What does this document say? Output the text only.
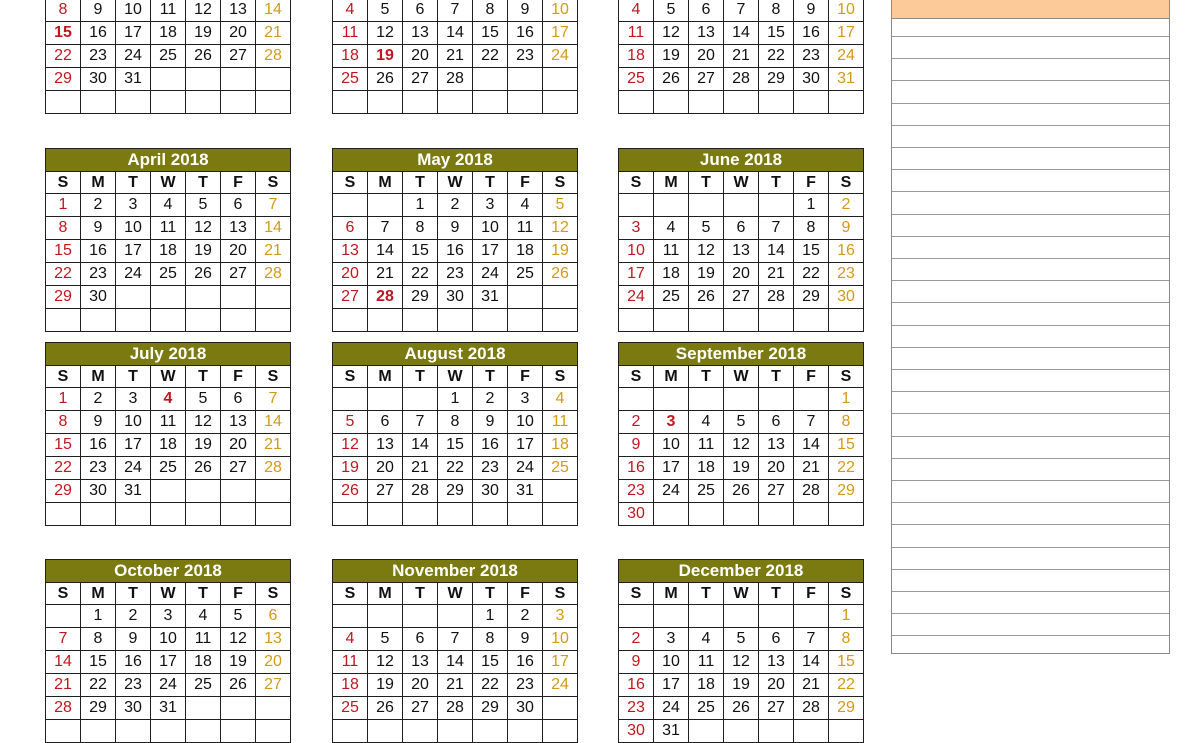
8	9	10	11	12	13	14
15	16	17	18	19	20	21
22	23	24	25	26	27	28
29	30	31				

4	5	6	7	8	9	10
11	12	13	14	15	16	17
18	19	20	21	22	23	24
25	26	27	28			

4	5	6	7	8	9	10
11	12	13	14	15	16	17
18	19	20	21	22	23	24
25	26	27	28	29	30	31

April 2018						
S	M	T	W	T	F	S
1	2	3	4	5	6	7
8	9	10	11	12	13	14
15	16	17	18	19	20	21
22	23	24	25	26	27	28
29	30					

May 2018						
S	M	T	W	T	F	S
		1	2	3	4	5
6	7	8	9	10	11	12
13	14	15	16	17	18	19
20	21	22	23	24	25	26
27	28	29	30	31		

June 2018						
S	M	T	W	T	F	S
					1	2
3	4	5	6	7	8	9
10	11	12	13	14	15	16
17	18	19	20	21	22	23
24	25	26	27	28	29	30

July 2018						
S	M	T	W	T	F	S
1	2	3	4	5	6	7
8	9	10	11	12	13	14
15	16	17	18	19	20	21
22	23	24	25	26	27	28
29	30	31				

August 2018						
S	M	T	W	T	F	S
			1	2	3	4
5	6	7	8	9	10	11
12	13	14	15	16	17	18
19	20	21	22	23	24	25
26	27	28	29	30	31	

September 2018						
S	M	T	W	T	F	S
						1
2	3	4	5	6	7	8
9	10	11	12	13	14	15
16	17	18	19	20	21	22
23	24	25	26	27	28	29
30						
October 2018						
S	M	T	W	T	F	S
	1	2	3	4	5	6
7	8	9	10	11	12	13
14	15	16	17	18	19	20
21	22	23	24	25	26	27
28	29	30	31			

November 2018						
S	M	T	W	T	F	S
				1	2	3
4	5	6	7	8	9	10
11	12	13	14	15	16	17
18	19	20	21	22	23	24
25	26	27	28	29	30	

December 2018						
S	M	T	W	T	F	S
						1
2	3	4	5	6	7	8
9	10	11	12	13	14	15
16	17	18	19	20	21	22
23	24	25	26	27	28	29
30	31					
